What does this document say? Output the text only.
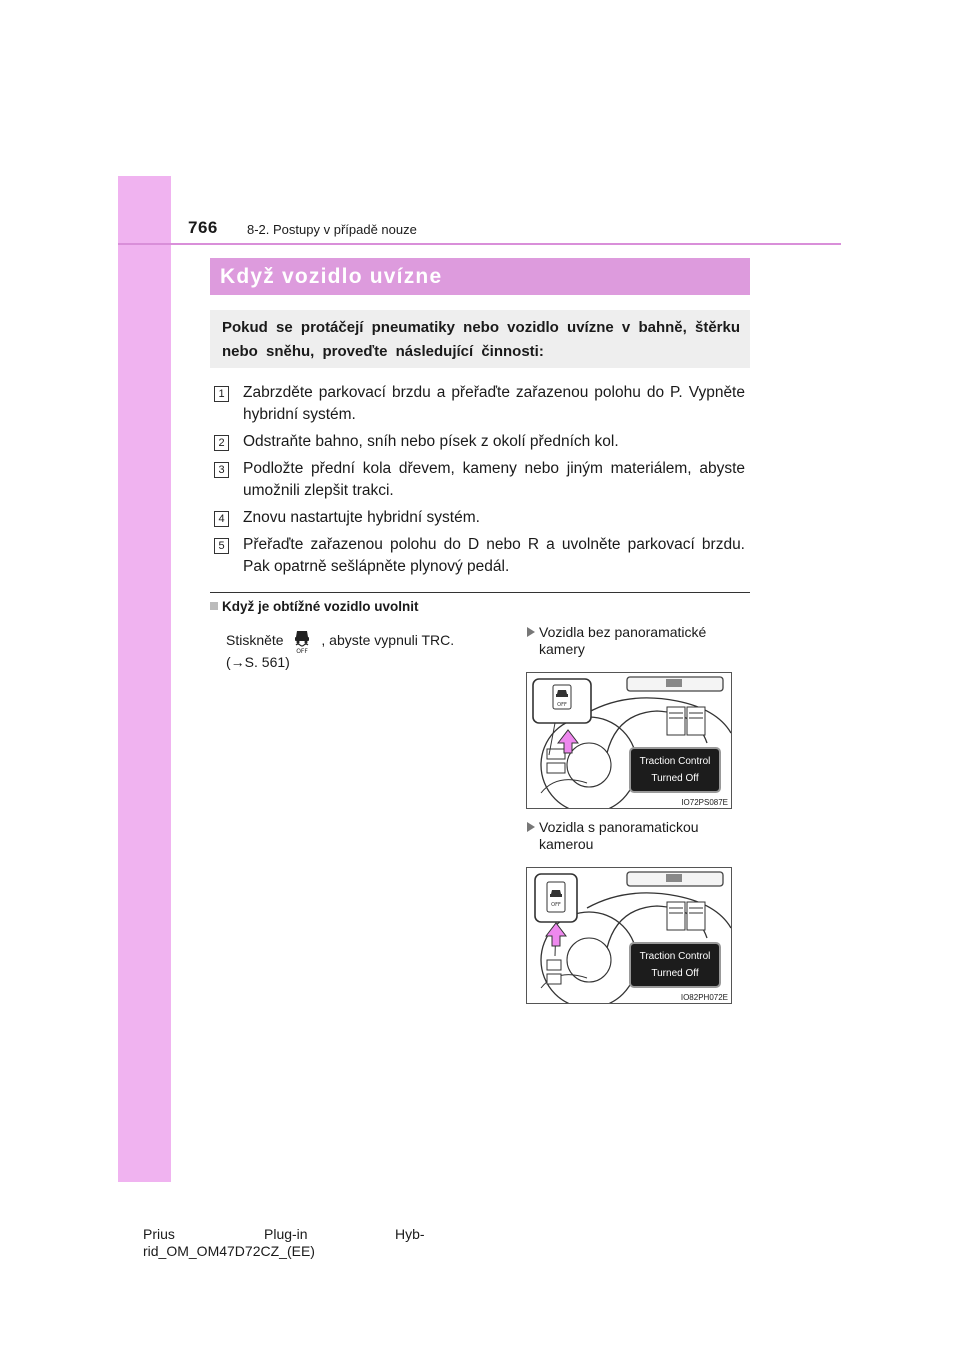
766 8-2. Postupy v případě nouze
Když vozidlo uvízne
Pokud se protáčejí pneumatiky nebo vozidlo uvízne v bahně, štěrku nebo sněhu, proveďte následující činnosti:
1 Zabrzděte parkovací brzdu a přeřaďte zařazenou polohu do P. Vypněte hybridní systém.
2 Odstraňte bahno, sníh nebo písek z okolí předních kol.
3 Podložte přední kola dřevem, kameny nebo jiným materiálem, abyste umožnili zlepšit trakci.
4 Znovu nastartujte hybridní systém.
5 Přeřaďte zařazenou polohu do D nebo R a uvolněte parkovací brzdu. Pak opatrně sešlápněte plynový pedál.
Když je obtížné vozidlo uvolnit
Stiskněte
OFF
, abyste vypnuli TRC.
(→S. 561)
Vozidla bez panoramatické
kamery
OFF
Traction Control
Turned Off
IO72PS087E
Vozidla s panoramatickou
kamerou
OFF
Traction Control
Turned Off
IO82PH072E
Prius	Plug-in	Hyb-
rid_OM_OM47D72CZ_(EE)
